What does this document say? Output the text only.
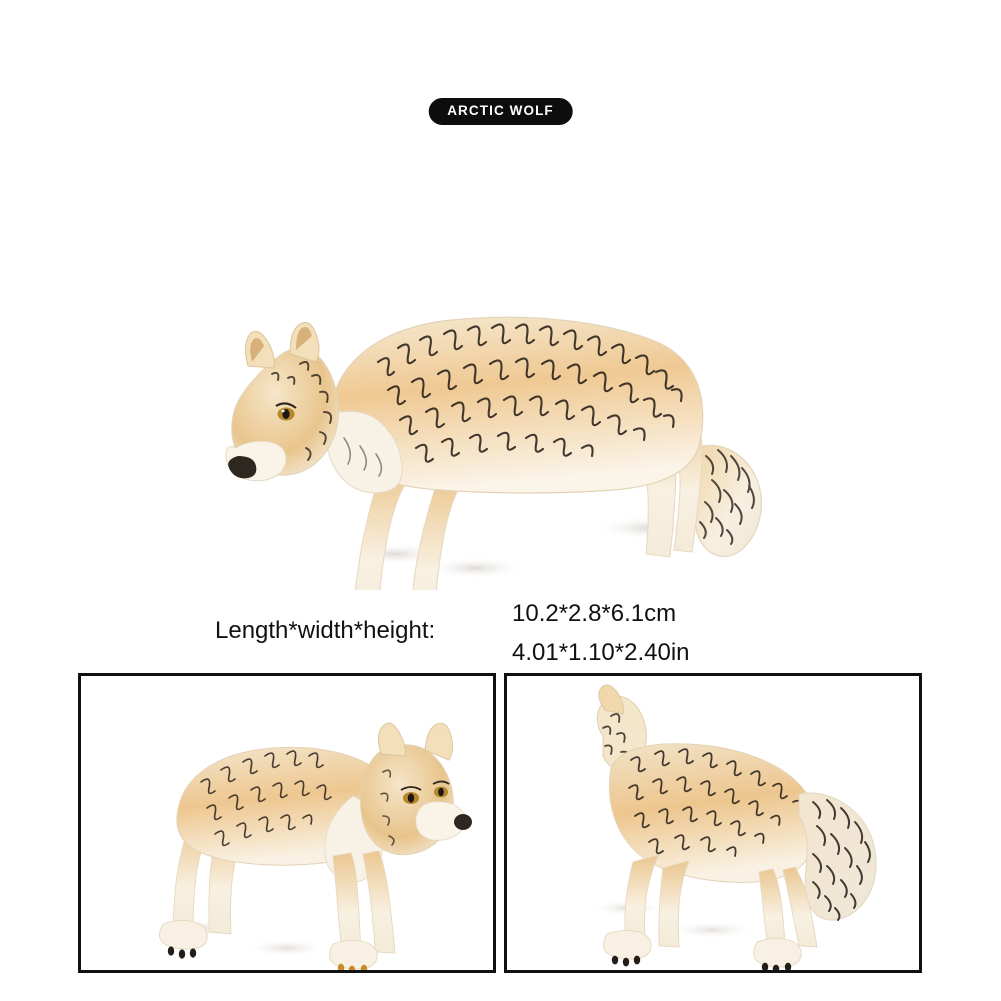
ARCTIC WOLF
Length*width*height:
10.2*2.8*6.1cm
4.01*1.10*2.40in
